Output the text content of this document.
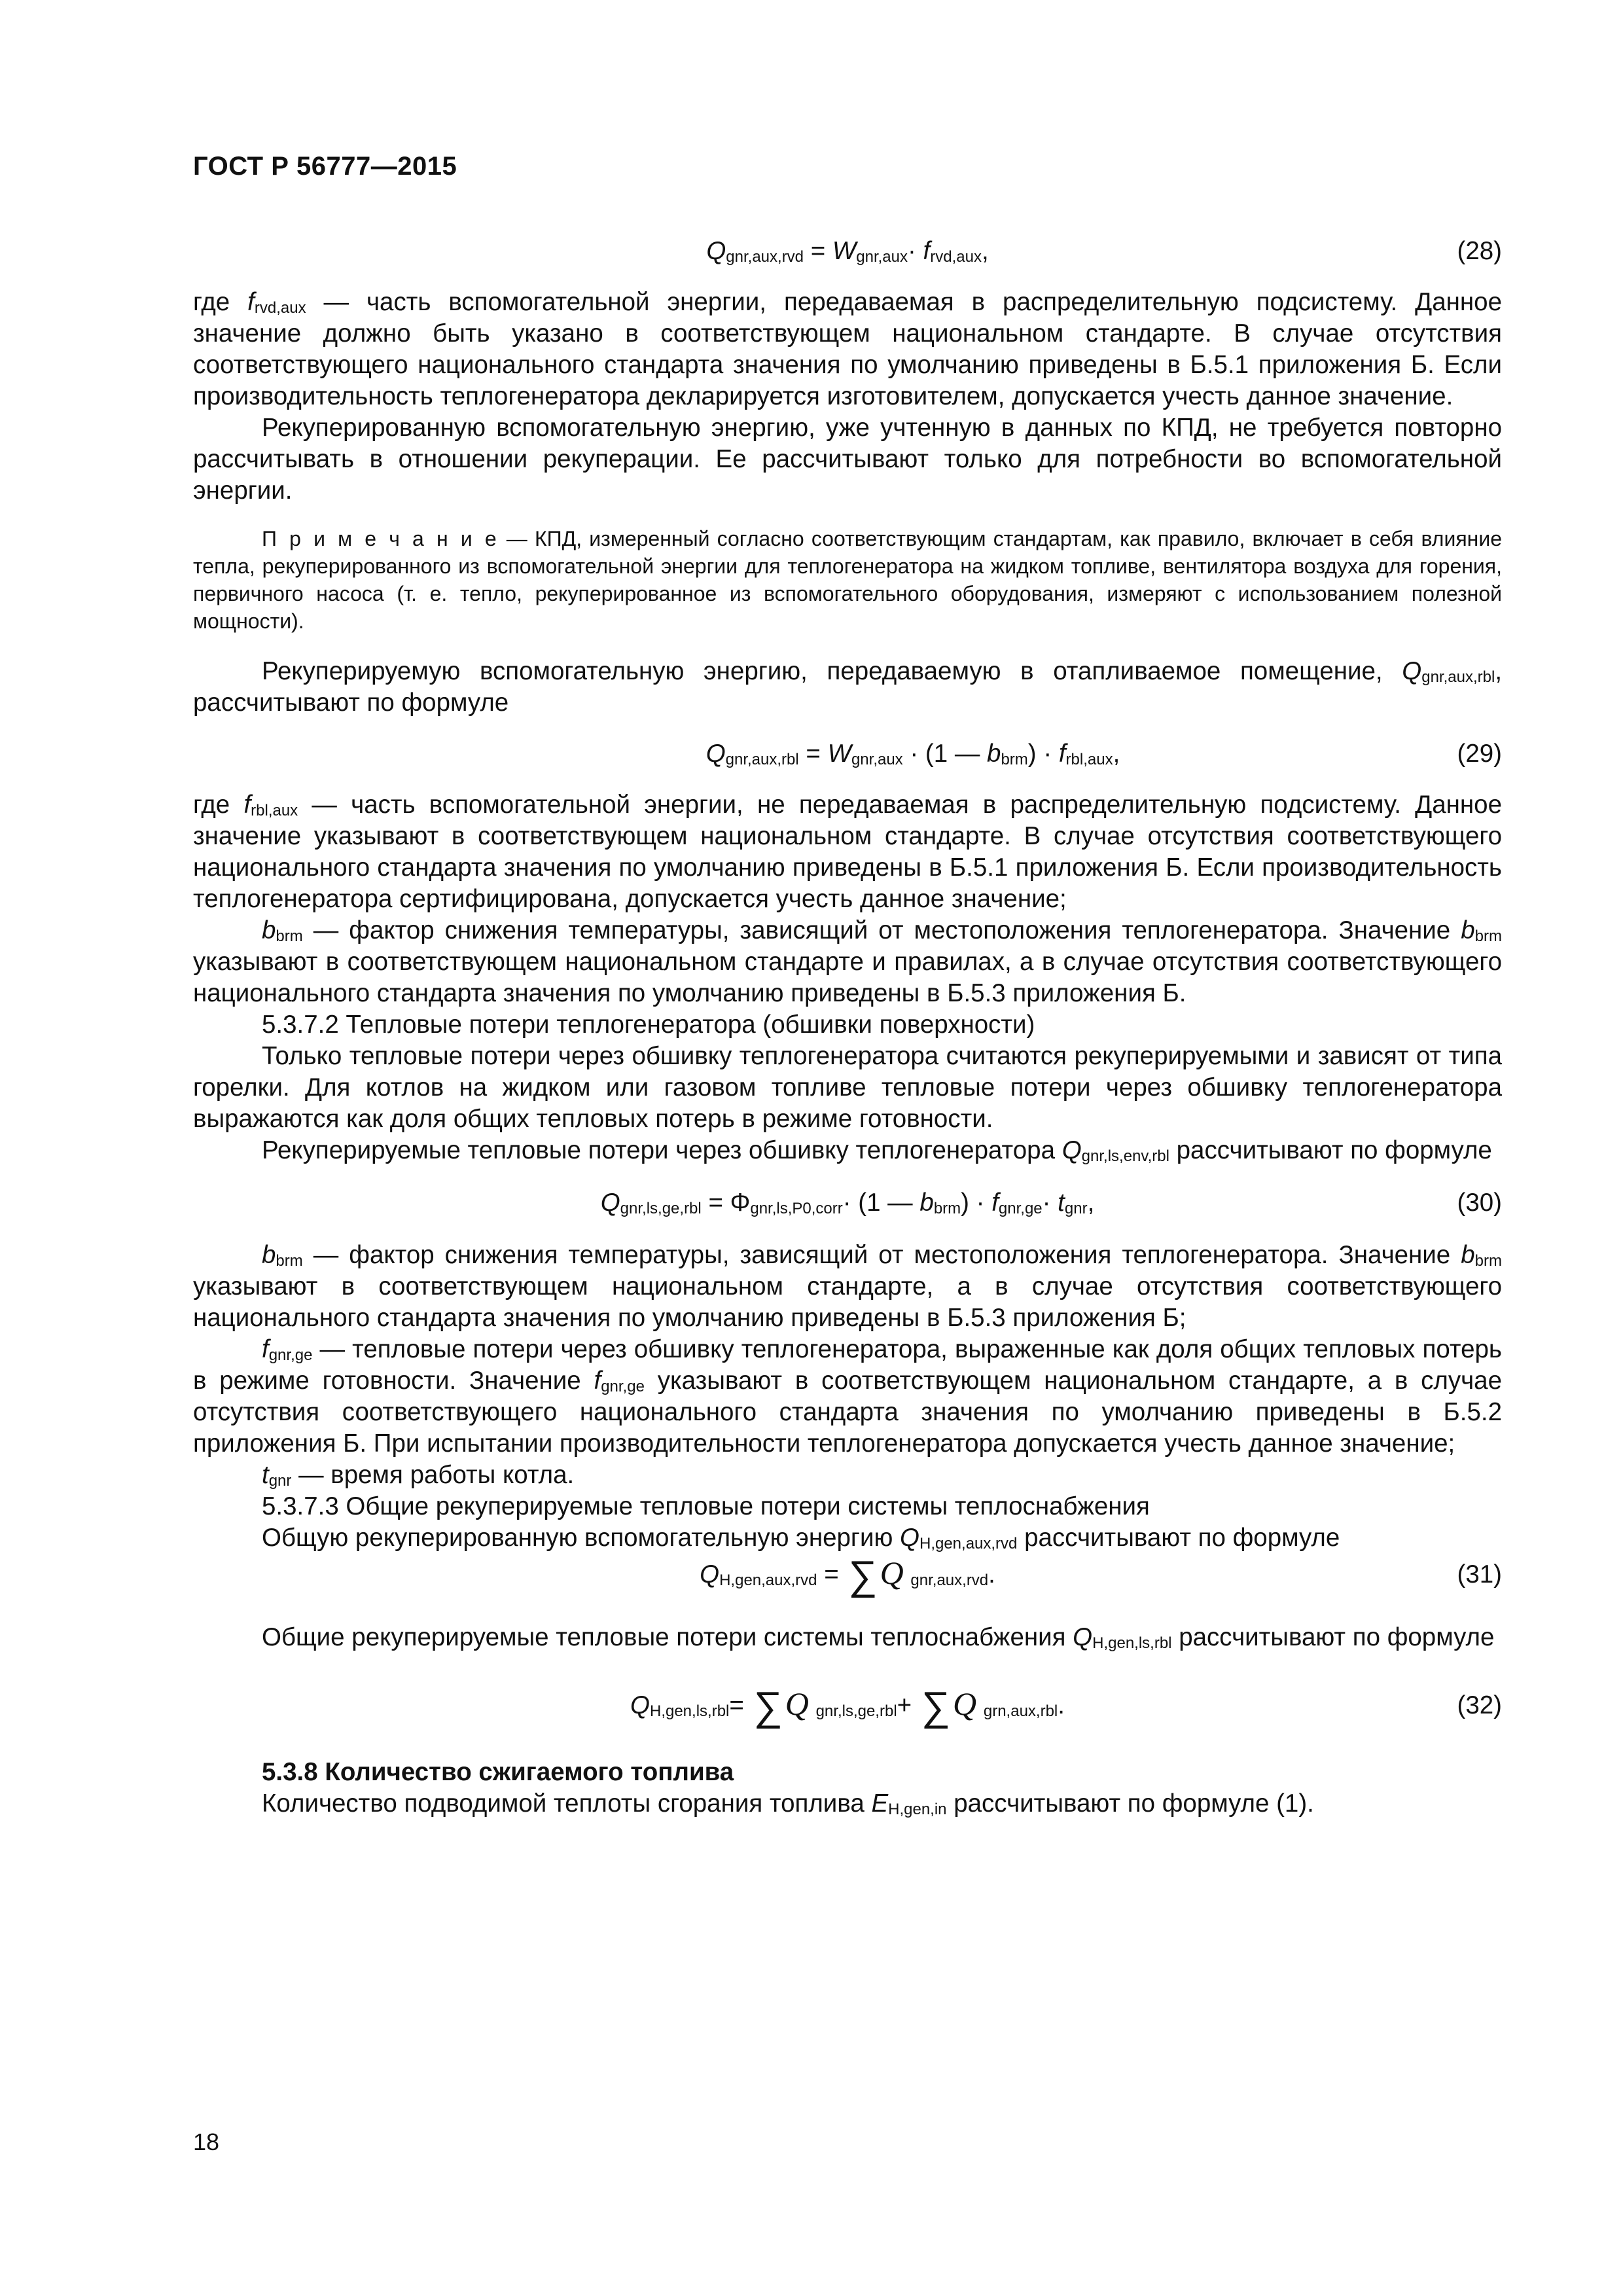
ГОСТ Р 56777—2015
$Q_{gnr,aux,rvd} = W_{gnr,aux}\cdot f_{rvd,aux}$,	(28)

где $f_{rvd,aux}$ — часть вспомогательной энергии, передаваемая в распределительную подсистему. Данное значение должно быть указано в соответствующем национальном стандарте. В случае отсутствия соответствующего национального стандарта значения по умолчанию приведены в Б.5.1 приложения Б. Если производительность теплогенератора декларируется изготовителем, допускается учесть данное значение.

Рекуперированную вспомогательную энергию, уже учтенную в данных по КПД, не требуется повторно рассчитывать в отношении рекуперации. Ее рассчитывают только для потребности во вспомогательной энергии.

П р и м е ч а н и е — КПД, измеренный согласно соответствующим стандартам, как правило, включает в себя влияние тепла, рекуперированного из вспомогательной энергии для теплогенератора на жидком топливе, вентилятора воздуха для горения, первичного насоса (т. е. тепло, рекуперированное из вспомогательного оборудования, измеряют с использованием полезной мощности).

Рекуперируемую вспомогательную энергию, передаваемую в отапливаемое помещение, $Q_{gnr,aux,rbl}$, рассчитывают по формуле

$Q_{gnr,aux,rbl} = W_{gnr,aux} \cdot (1$ — $b_{brm}) \cdot f_{rbl,aux}$,	(29)

где $f_{rbl,aux}$ — часть вспомогательной энергии, не передаваемая в распределительную подсистему. Данное значение указывают в соответствующем национальном стандарте. В случае отсутствия соответствующего национального стандарта значения по умолчанию приведены в Б.5.1 приложения Б. Если производительность теплогенератора сертифицирована, допускается учесть данное значение;

$b_{brm}$ — фактор снижения температуры, зависящий от местоположения теплогенератора. Значение $b_{brm}$ указывают в соответствующем национальном стандарте и правилах, а в случае отсутствия соответствующего национального стандарта значения по умолчанию приведены в Б.5.3 приложения Б.

5.3.7.2 Тепловые потери теплогенератора (обшивки поверхности)

Только тепловые потери через обшивку теплогенератора считаются рекуперируемыми и зависят от типа горелки. Для котлов на жидком или газовом топливе тепловые потери через обшивку теплогенератора выражаются как доля общих тепловых потерь в режиме готовности.

Рекуперируемые тепловые потери через обшивку теплогенератора $Q_{gnr,ls,env,rbl}$ рассчитывают по формуле

$Q_{gnr,ls,ge,rbl} = \Phi_{gnr,ls,P0,corr}\cdot (1$ — $b_{brm}) \cdot f_{gnr,ge}\cdot t_{gnr}$,	(30)

$b_{brm}$ — фактор снижения температуры, зависящий от местоположения теплогенератора. Значение $b_{brm}$ указывают в соответствующем национальном стандарте, а в случае отсутствия соответствующего национального стандарта значения по умолчанию приведены в Б.5.3 приложения Б;

$f_{gnr,ge}$ — тепловые потери через обшивку теплогенератора, выраженные как доля общих тепловых потерь в режиме готовности. Значение $f_{gnr,ge}$ указывают в соответствующем национальном стандарте, а в случае отсутствия соответствующего национального стандарта значения по умолчанию приведены в Б.5.2 приложения Б. При испытании производительности теплогенератора допускается учесть данное значение;

$t_{gnr}$ — время работы котла.

5.3.7.3 Общие рекуперируемые тепловые потери системы теплоснабжения

Общую рекуперированную вспомогательную энергию $Q_{H,gen,aux,rvd}$ рассчитывают по формуле

$Q_{H,gen,aux,rvd} = \sum Q$ $_{gnr,aux,rvd}$.	(31)

Общие рекуперируемые тепловые потери системы теплоснабжения $Q_{H,gen,ls,rbl}$ рассчитывают по формуле

$Q_{H,gen,ls,rbl}= \sum Q$ $_{gnr,ls,ge,rbl}$+ ∑Q $_{grn,aux,rbl}$.	(32)

5.3.8 Количество сжигаемого топлива

Количество подводимой теплоты сгорания топлива $E_{H,gen,in}$ рассчитывают по формуле (1).

18
